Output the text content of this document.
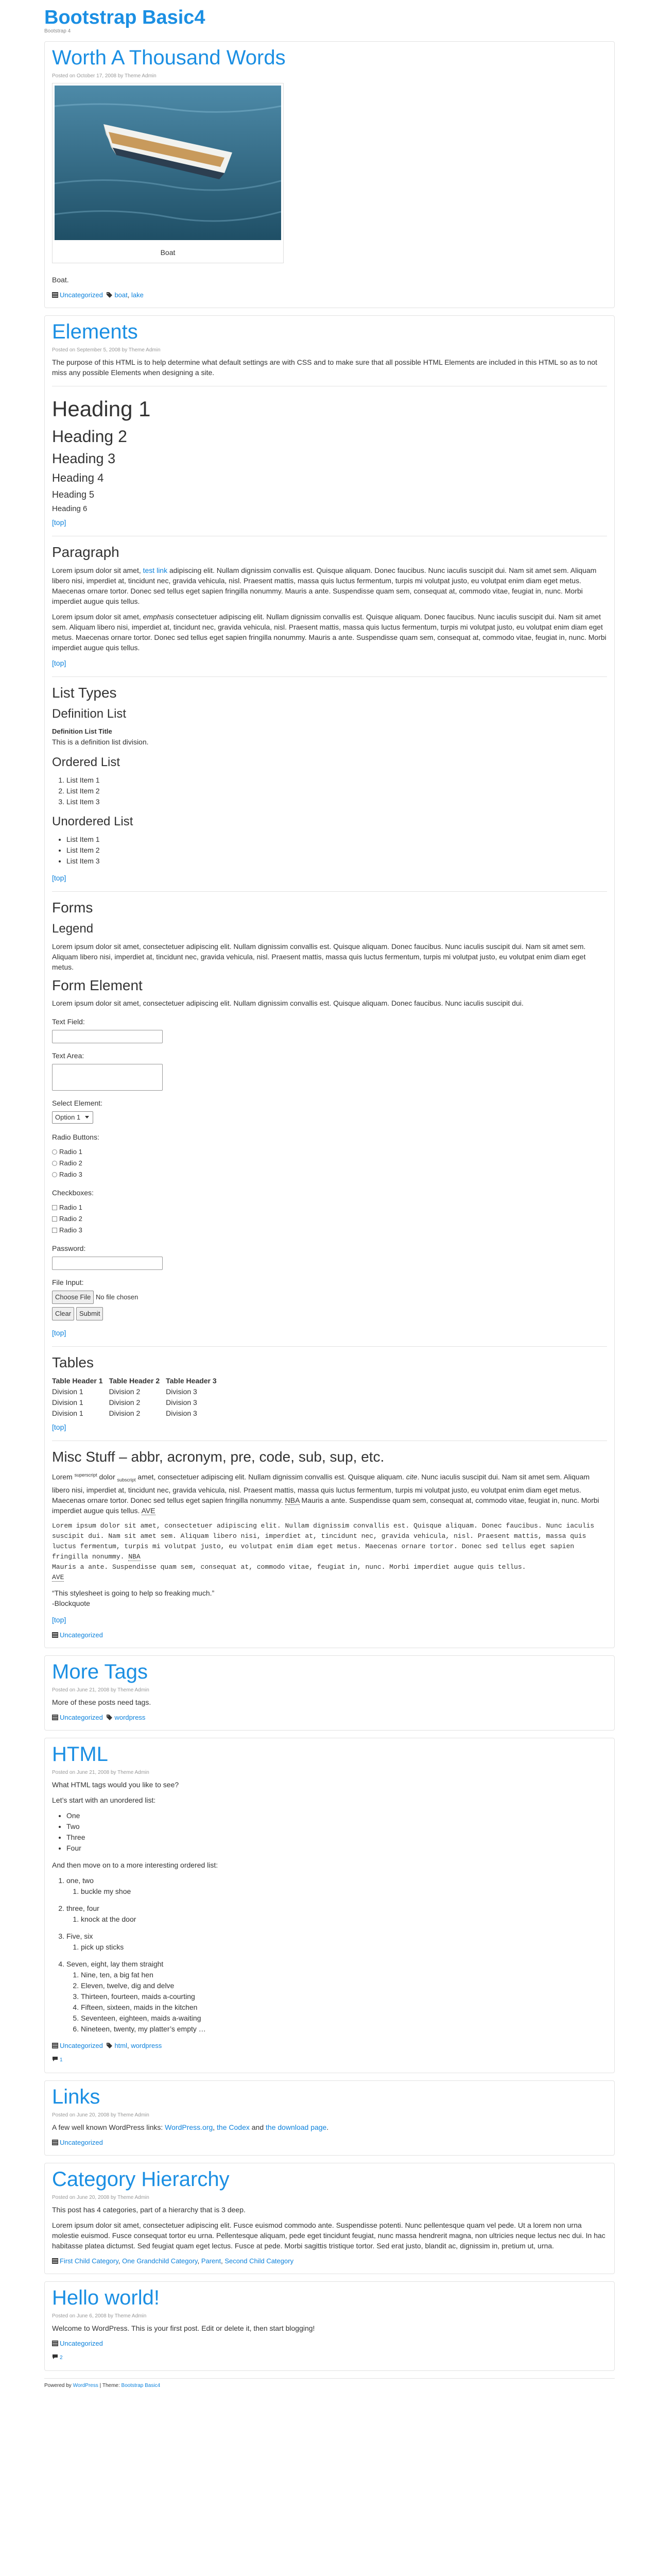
Bootstrap Basic4
Bootstrap 4
Worth A Thousand Words
Posted on October 17, 2008 by Theme Admin
Boat

Boat.

Uncategorized boat, lake
Elements
Posted on September 5, 2008 by Theme Admin

The purpose of this HTML is to help determine what default settings are with CSS and to make sure that all possible HTML Elements are included in this HTML so as to not miss any possible Elements when designing a site.

Heading 1
Heading 2
Heading 3
Heading 4
Heading 5
Heading 6
[top]
Paragraph

Lorem ipsum dolor sit amet, test link adipiscing elit. Nullam dignissim convallis est. Quisque aliquam. Donec faucibus. Nunc iaculis suscipit dui. Nam sit amet sem. Aliquam libero nisi, imperdiet at, tincidunt nec, gravida vehicula, nisl. Praesent mattis, massa quis luctus fermentum, turpis mi volutpat justo, eu volutpat enim diam eget metus. Maecenas ornare tortor. Donec sed tellus eget sapien fringilla nonummy. Mauris a ante. Suspendisse quam sem, consequat at, commodo vitae, feugiat in, nunc. Morbi imperdiet augue quis tellus.

Lorem ipsum dolor sit amet, emphasis consectetuer adipiscing elit. Nullam dignissim convallis est. Quisque aliquam. Donec faucibus. Nunc iaculis suscipit dui. Nam sit amet sem. Aliquam libero nisi, imperdiet at, tincidunt nec, gravida vehicula, nisl. Praesent mattis, massa quis luctus fermentum, turpis mi volutpat justo, eu volutpat enim diam eget metus. Maecenas ornare tortor. Donec sed tellus eget sapien fringilla nonummy. Mauris a ante. Suspendisse quam sem, consequat at, commodo vitae, feugiat in, nunc. Morbi imperdiet augue quis tellus.

[top]
List Types
Definition List
Definition List Title
This is a definition list division.
Ordered List
1. List Item 1
2. List Item 2
3. List Item 3
Unordered List
• List Item 1
• List Item 2
• List Item 3
[top]
Forms
Legend

Lorem ipsum dolor sit amet, consectetuer adipiscing elit. Nullam dignissim convallis est. Quisque aliquam. Donec faucibus. Nunc iaculis suscipit dui. Nam sit amet sem. Aliquam libero nisi, imperdiet at, tincidunt nec, gravida vehicula, nisl. Praesent mattis, massa quis luctus fermentum, turpis mi volutpat justo, eu volutpat enim diam eget metus.

Form Element

Lorem ipsum dolor sit amet, consectetuer adipiscing elit. Nullam dignissim convallis est. Quisque aliquam. Donec faucibus. Nunc iaculis suscipit dui.

Text Field:
Text Area:
Select Element:
Option 1
Radio Buttons:
Radio 1
Radio 2
Radio 3
Checkboxes:
Radio 1
Radio 2
Radio 3
Password:
File Input:
Choose File No file chosen
Clear Submit
[top]
Tables
Table Header 1	Table Header 2	Table Header 3
Division 1	Division 2	Division 3
Division 1	Division 2	Division 3
Division 1	Division 2	Division 3
[top]
Misc Stuff – abbr, acronym, pre, code, sub, sup, etc.

Lorem $^{superscript}$ dolor $_{subscript}$ amet, consectetuer adipiscing elit. Nullam dignissim convallis est. Quisque aliquam. cite. Nunc iaculis suscipit dui. Nam sit amet sem. Aliquam libero nisi, imperdiet at, tincidunt nec, gravida vehicula, nisl. Praesent mattis, massa quis luctus fermentum, turpis mi volutpat justo, eu volutpat enim diam eget metus. Maecenas ornare tortor. Donec sed tellus eget sapien fringilla nonummy. NBA Mauris a ante. Suspendisse quam sem, consequat at, commodo vitae, feugiat in, nunc. Morbi imperdiet augue quis tellus. AVE

Lorem ipsum dolor sit amet, consectetuer adipiscing elit. Nullam dignissim convallis est. Quisque aliquam. Donec faucibus. Nunc iaculis suscipit dui. Nam sit amet sem. Aliquam libero nisi, imperdiet at, tincidunt nec, gravida vehicula, nisl. Praesent mattis, massa quis luctus fermentum, turpis mi volutpat justo, eu volutpat enim diam eget metus. Maecenas ornare tortor. Donec sed tellus eget sapien fringilla nonummy. NBA
Mauris a ante. Suspendisse quam sem, consequat at, commodo vitae, feugiat in, nunc. Morbi imperdiet augue quis tellus.
AVE
“This stylesheet is going to help so freaking much.”
-Blockquote
[top]
Uncategorized
More Tags
Posted on June 21, 2008 by Theme Admin

More of these posts need tags.

Uncategorized wordpress
HTML
Posted on June 21, 2008 by Theme Admin

What HTML tags would you like to see?

Let’s start with an unordered list:

• One
• Two
• Three
• Four

And then move on to a more interesting ordered list:

1. one, two
1. buckle my shoe
2. three, four
1. knock at the door
3. Five, six
1. pick up sticks
4. Seven, eight, lay them straight
1. Nine, ten, a big fat hen
2. Eleven, twelve, dig and delve
3. Thirteen, fourteen, maids a-courting
4. Fifteen, sixteen, maids in the kitchen
5. Seventeen, eighteen, maids a-waiting
6. Nineteen, twenty, my platter’s empty …
Uncategorized html, wordpress
1
Links
Posted on June 20, 2008 by Theme Admin

A few well known WordPress links: WordPress.org, the Codex and the download page.

Uncategorized
Category Hierarchy
Posted on June 20, 2008 by Theme Admin

This post has 4 categories, part of a hierarchy that is 3 deep.

Lorem ipsum dolor sit amet, consectetuer adipiscing elit. Fusce euismod commodo ante. Suspendisse potenti. Nunc pellentesque quam vel pede. Ut a lorem non urna molestie euismod. Fusce consequat tortor eu urna. Pellentesque aliquam, pede eget tincidunt feugiat, nunc massa hendrerit magna, non ultricies neque lectus nec dui. In hac habitasse platea dictumst. Sed feugiat quam eget lectus. Fusce at pede. Morbi sagittis tristique tortor. Sed erat justo, blandit ac, dignissim in, pretium ut, urna.

First Child Category, One Grandchild Category, Parent, Second Child Category
Hello world!
Posted on June 6, 2008 by Theme Admin

Welcome to WordPress. This is your first post. Edit or delete it, then start blogging!

Uncategorized
2
Powered by WordPress | Theme: Bootstrap Basic4
